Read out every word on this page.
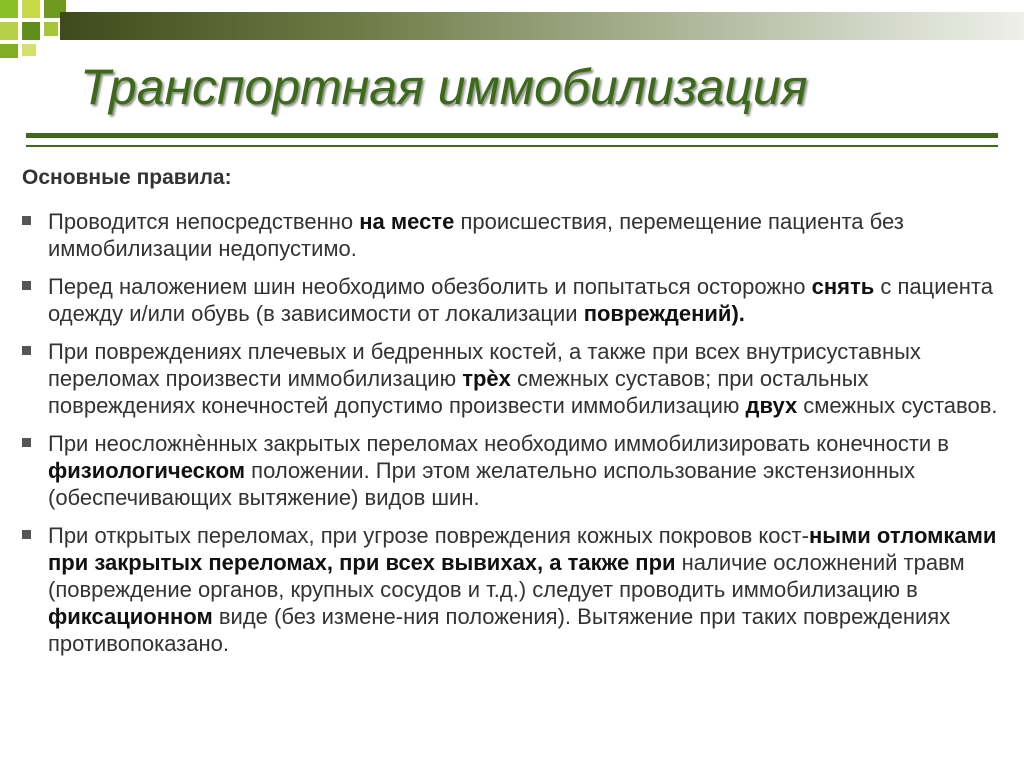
Транспортная иммобилизация

Основные правила:

Проводится непосредственно на месте происшествия, перемещение пациента без иммобилизации недопустимо.
Перед наложением шин необходимо обезболить и попытаться осторожно снять с пациента одежду и/или обувь (в зависимости от локализации повреждений).
При повреждениях плечевых и бедренных костей, а также при всех внутрисуставных переломах произвести иммобилизацию трѐх смежных суставов; при остальных повреждениях конечностей допустимо произвести иммобилизацию двух смежных суставов.
При неосложнѐнных закрытых переломах необходимо иммобилизировать конечности в физиологическом положении. При этом желательно использование экстензионных (обеспечивающих вытяжение) видов шин.
При открытых переломах, при угрозе повреждения кожных покровов кост-ными отломками при закрытых переломах, при всех вывихах, а также при наличие осложнений травм (повреждение органов, крупных сосудов и т.д.) следует проводить иммобилизацию в фиксационном виде (без измене-ния положения). Вытяжение при таких повреждениях противопоказано.
